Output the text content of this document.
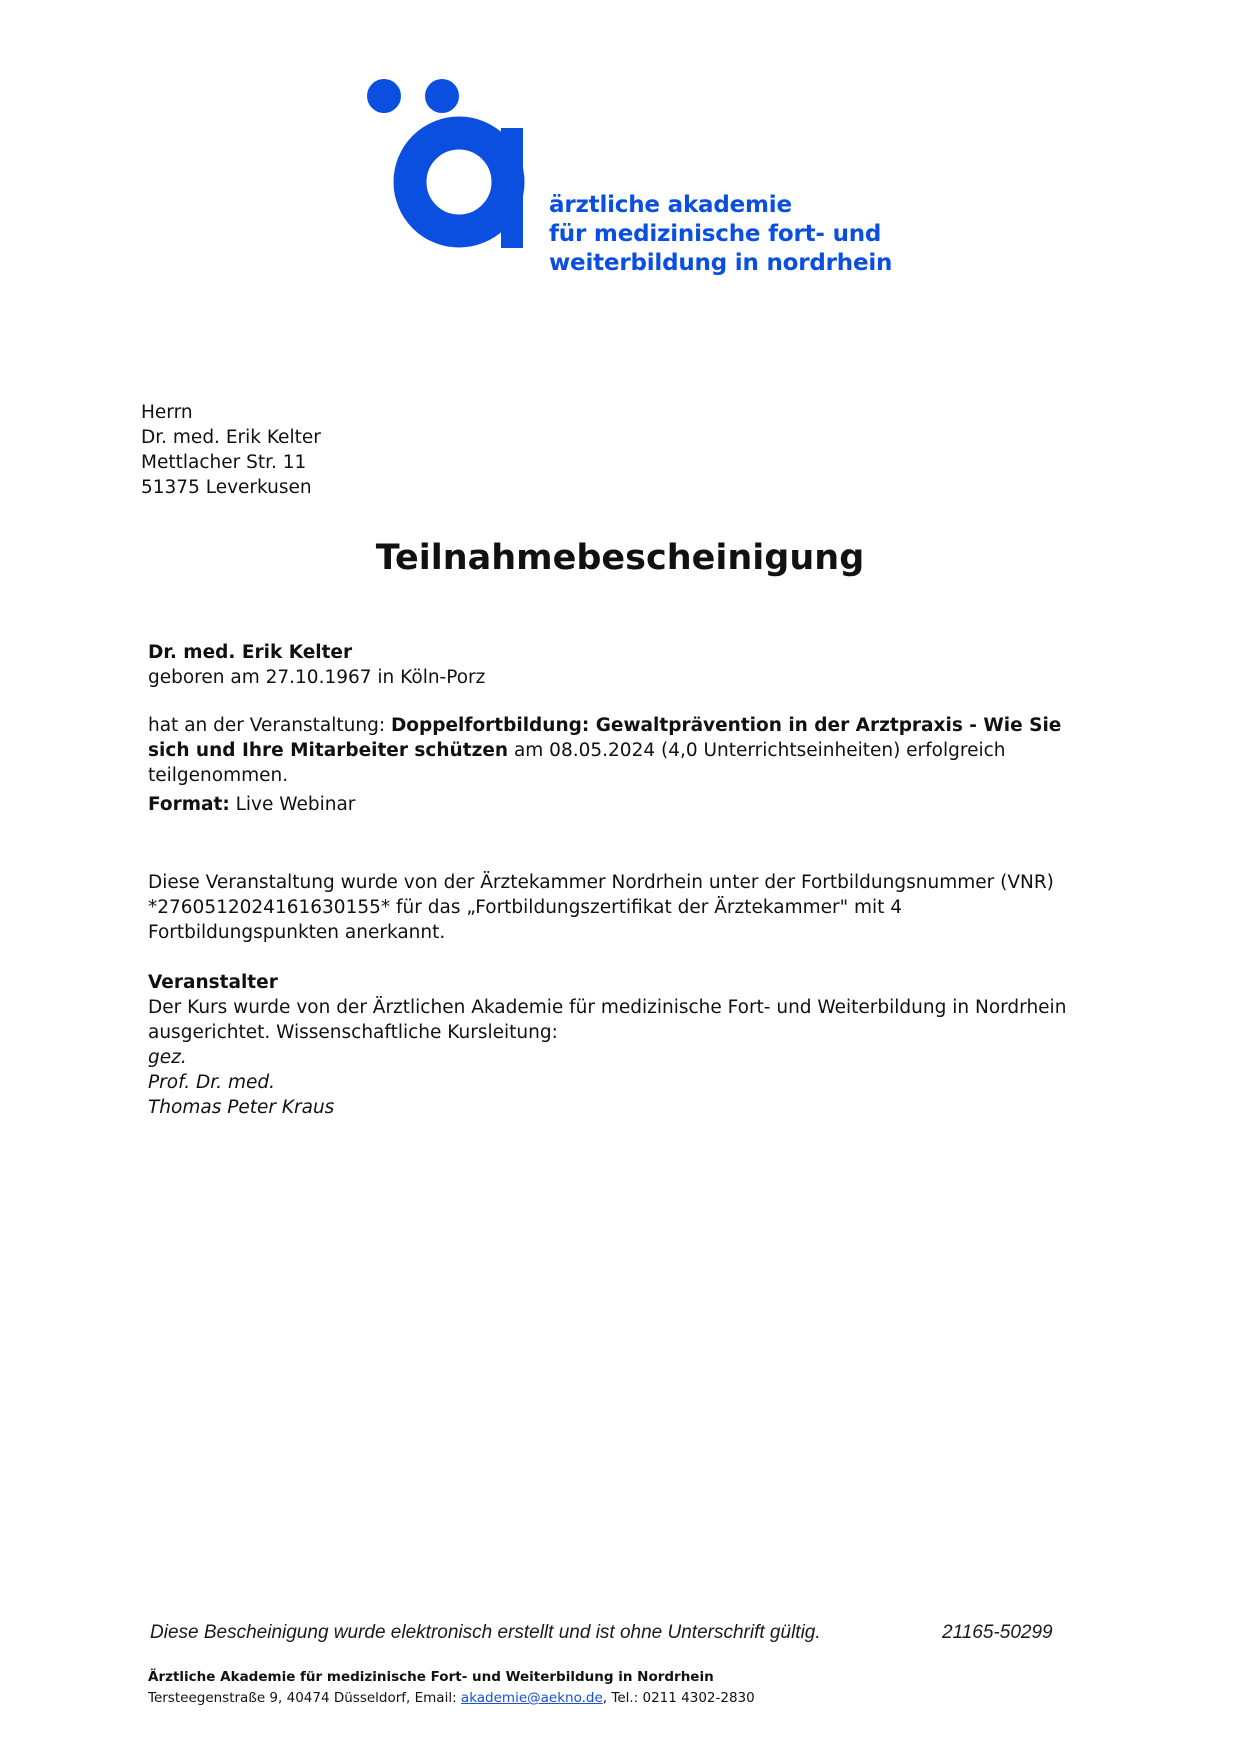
ärztliche akademie
für medizinische fort- und
weiterbildung in nordrhein
Herrn
Dr. med. Erik Kelter
Mettlacher Str. 11
51375 Leverkusen
Teilnahmebescheinigung
Dr. med. Erik Kelter
geboren am 27.10.1967 in Köln-Porz
hat an der Veranstaltung: Doppelfortbildung: Gewaltprävention in der Arztpraxis - Wie Sie sich und Ihre Mitarbeiter schützen am 08.05.2024 (4,0 Unterrichtseinheiten) erfolgreich teilgenommen.
Format: Live Webinar
Diese Veranstaltung wurde von der Ärztekammer Nordrhein unter der Fortbildungsnummer (VNR) *2760512024161630155* für das „Fortbildungszertifikat der Ärztekammer" mit 4 Fortbildungspunkten anerkannt.
Veranstalter
Der Kurs wurde von der Ärztlichen Akademie für medizinische Fort- und Weiterbildung in Nordrhein ausgerichtet. Wissenschaftliche Kursleitung:
gez.
Prof. Dr. med.
Thomas Peter Kraus
Diese Bescheinigung wurde elektronisch erstellt und ist ohne Unterschrift gültig.	21165-50299
Ärztliche Akademie für medizinische Fort- und Weiterbildung in Nordrhein
Tersteegenstraße 9, 40474 Düsseldorf, Email: akademie@aekno.de, Tel.: 0211 4302-2830
